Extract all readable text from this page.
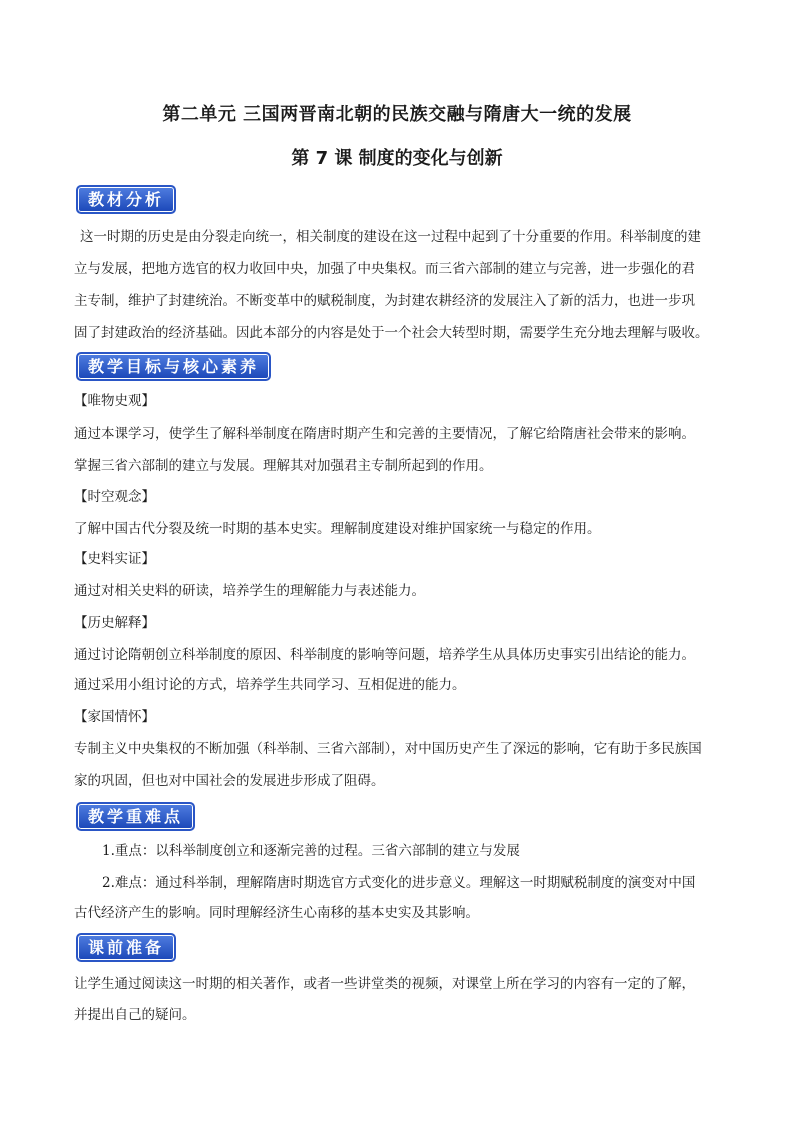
第二单元 三国两晋南北朝的民族交融与隋唐大一统的发展
第 7 课 制度的变化与创新
教材分析
这一时期的历史是由分裂走向统一，相关制度的建设在这一过程中起到了十分重要的作用。科举制度的建
立与发展，把地方选官的权力收回中央，加强了中央集权。而三省六部制的建立与完善，进一步强化的君
主专制，维护了封建统治。不断变革中的赋税制度，为封建农耕经济的发展注入了新的活力，也进一步巩
固了封建政治的经济基础。因此本部分的内容是处于一个社会大转型时期，需要学生充分地去理解与吸收。
教学目标与核心素养
【唯物史观】
通过本课学习，使学生了解科举制度在隋唐时期产生和完善的主要情况，了解它给隋唐社会带来的影响。
掌握三省六部制的建立与发展。理解其对加强君主专制所起到的作用。
【时空观念】
了解中国古代分裂及统一时期的基本史实。理解制度建设对维护国家统一与稳定的作用。
【史料实证】
通过对相关史料的研读，培养学生的理解能力与表述能力。
【历史解释】
通过讨论隋朝创立科举制度的原因、科举制度的影响等问题，培养学生从具体历史事实引出结论的能力。
通过采用小组讨论的方式，培养学生共同学习、互相促进的能力。
【家国情怀】
专制主义中央集权的不断加强（科举制、三省六部制），对中国历史产生了深远的影响，它有助于多民族国
家的巩固，但也对中国社会的发展进步形成了阻碍。
教学重难点
1.重点：以科举制度创立和逐渐完善的过程。三省六部制的建立与发展
2.难点：通过科举制，理解隋唐时期选官方式变化的进步意义。理解这一时期赋税制度的演变对中国
古代经济产生的影响。同时理解经济生心南移的基本史实及其影响。
课前准备
让学生通过阅读这一时期的相关著作，或者一些讲堂类的视频，对课堂上所在学习的内容有一定的了解，
并提出自己的疑问。
